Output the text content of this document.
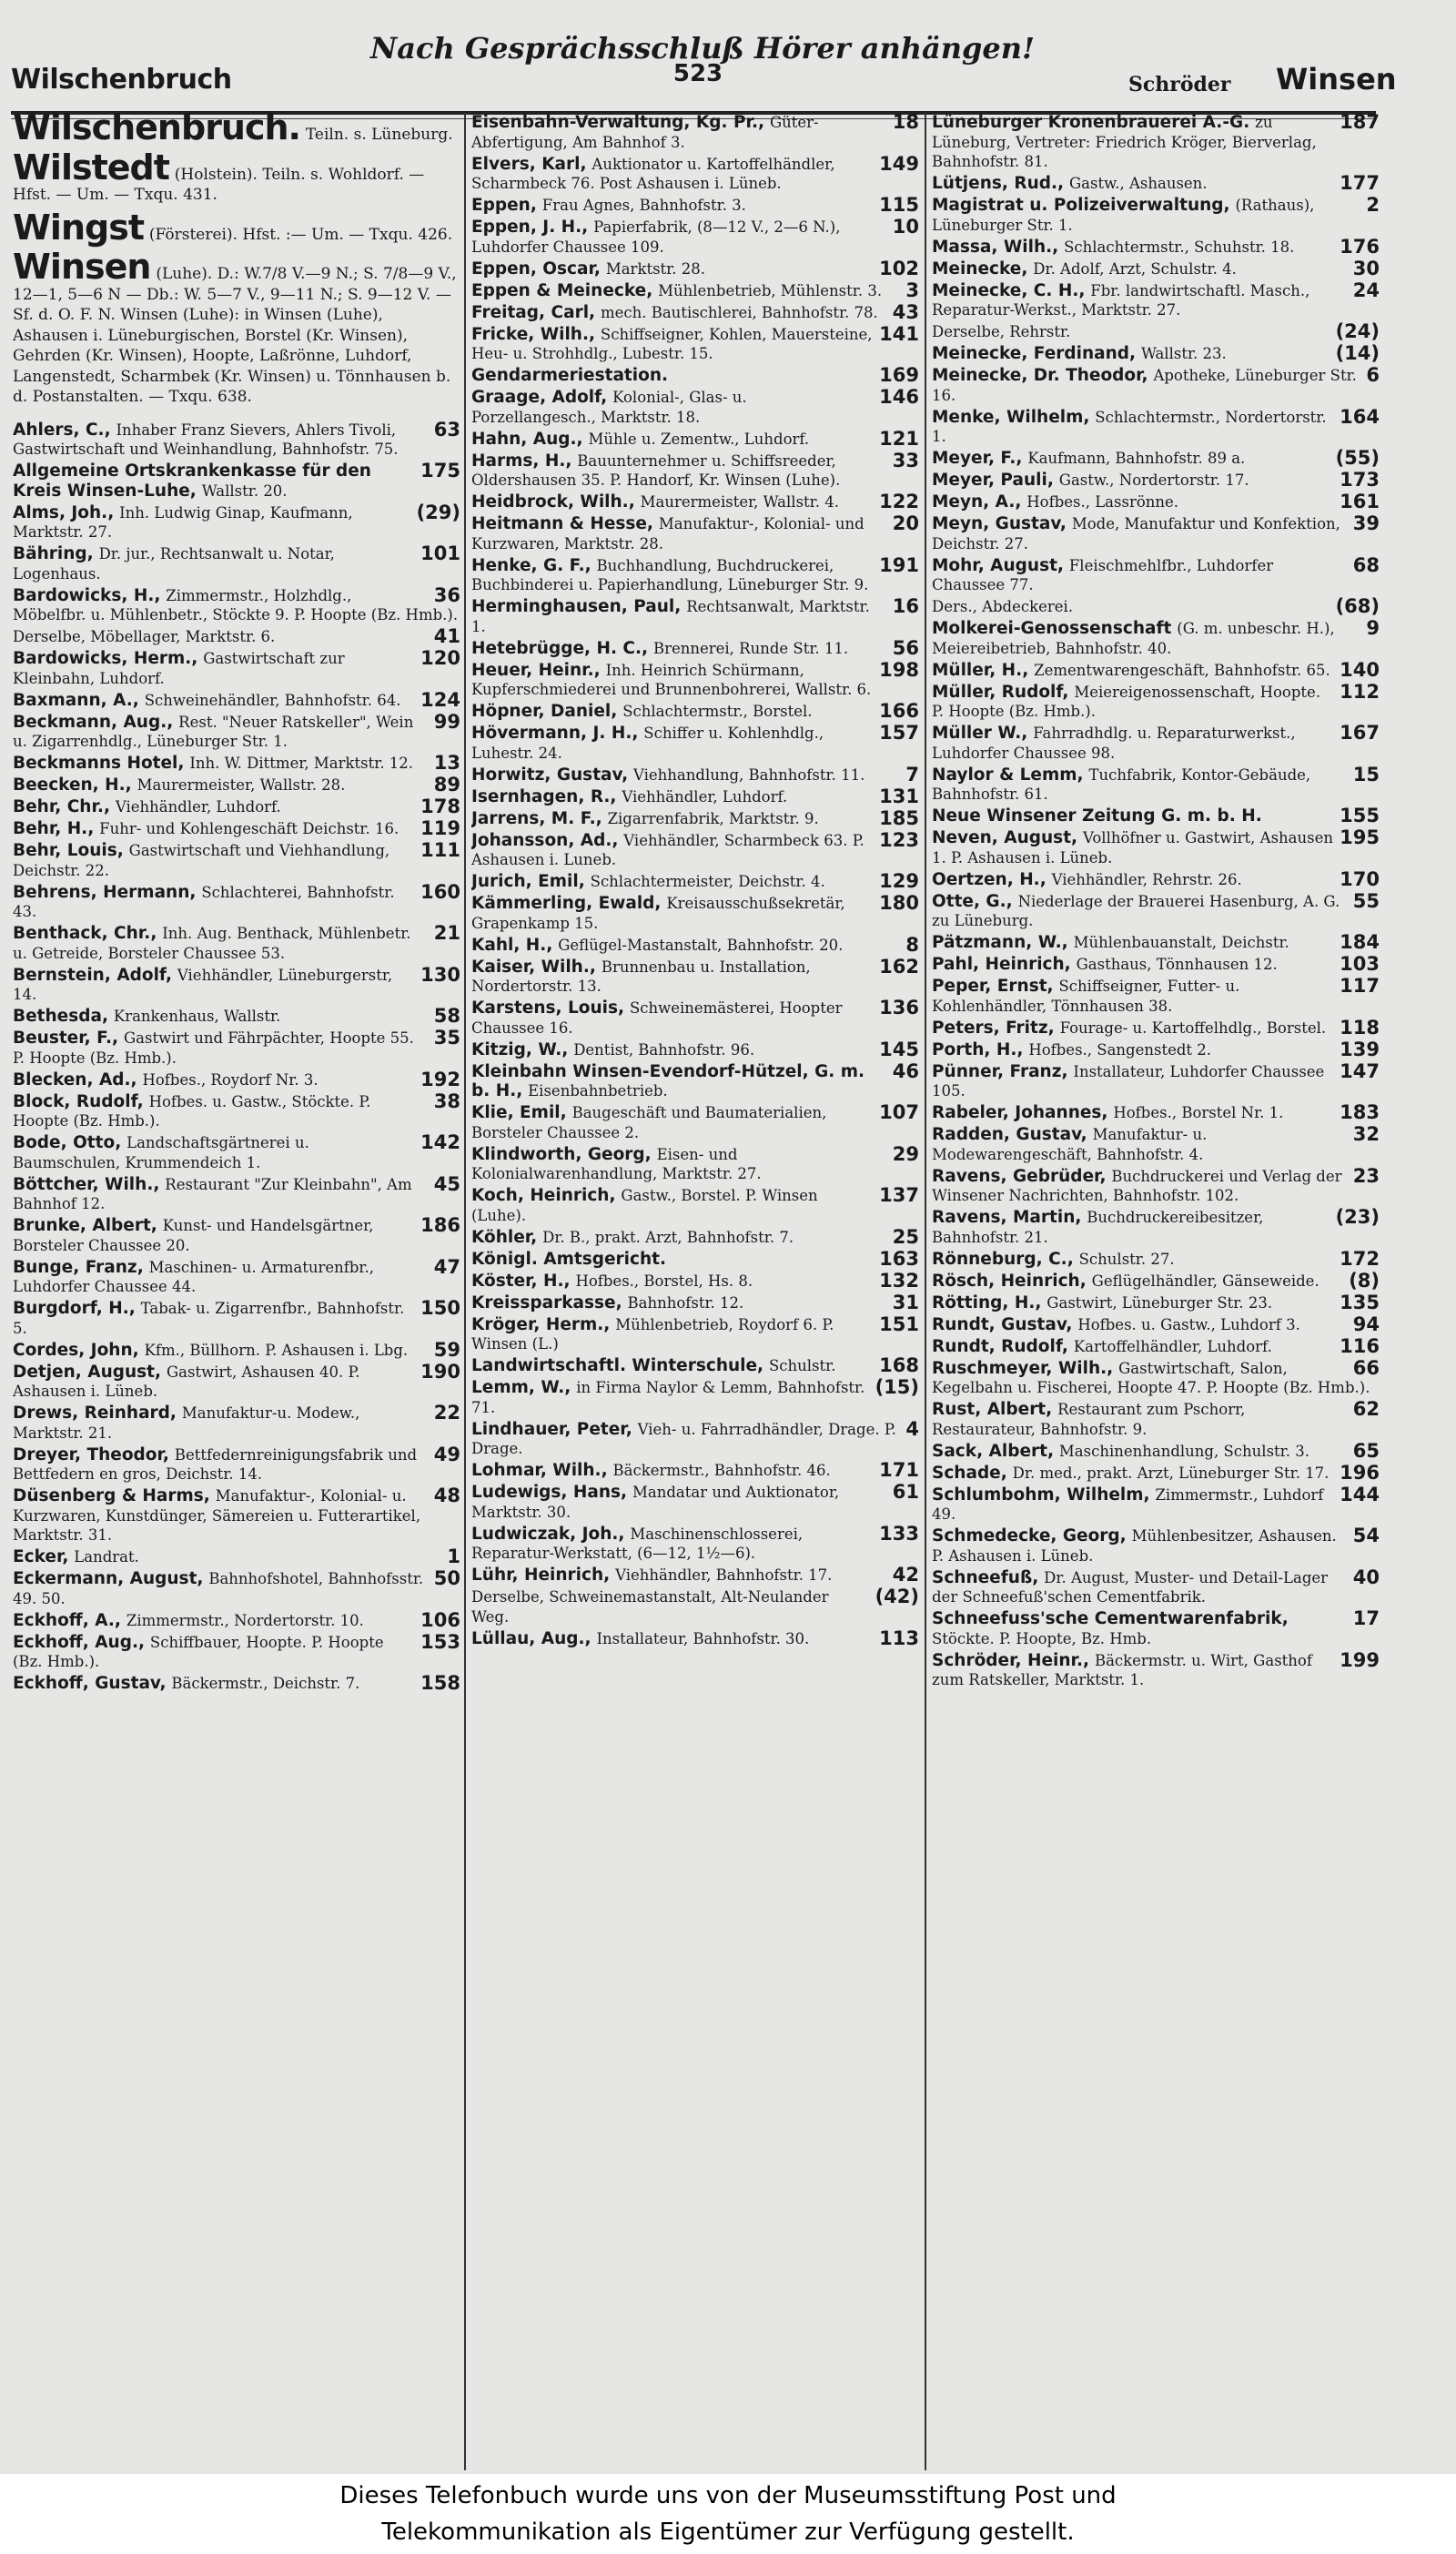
Wilschenbruch
Nach Gesprächsschluß Hörer anhängen!
523	Schröder Winsen
Wilschenbruch. Teiln. s. Lüneburg.
Wilstedt (Holstein). Teiln. s. Wohldorf. — Hfst. — Um. — Txqu. 431.
Wingst (Försterei). Hfst. :— Um. — Txqu. 426.
Winsen (Luhe). D.: W.7/8 V.—9 N.; S. 7/8—9 V., 12—1, 5—6 N — Db.: W. 5—7 V., 9—11 N.; S. 9—12 V. — Sf. d. O. F. N. Winsen (Luhe): in Winsen (Luhe), Ashausen i. Lüneburgischen, Borstel (Kr. Winsen), Gehrden (Kr. Winsen), Hoopte, Laßrönne, Luhdorf, Langenstedt, Scharmbek (Kr. Winsen) u. Tönnhausen b. d. Postanstalten. — Txqu. 638.
63
Ahlers, C., Inhaber Franz Sievers, Ahlers Tivoli, Gastwirtschaft und Weinhandlung, Bahnhofstr. 75.
175
Allgemeine Ortskrankenkasse für den Kreis Winsen-Luhe, Wallstr. 20.
(29)
Alms, Joh., Inh. Ludwig Ginap, Kaufmann, Marktstr. 27.
101
Bähring, Dr. jur., Rechtsanwalt u. Notar, Logenhaus.
36
Bardowicks, H., Zimmermstr., Holzhdlg., Möbelfbr. u. Mühlenbetr., Stöckte 9. P. Hoopte (Bz. Hmb.).
41
Derselbe, Möbellager, Marktstr. 6.
120
Bardowicks, Herm., Gastwirtschaft zur Kleinbahn, Luhdorf.
124
Baxmann, A., Schweinehändler, Bahnhofstr. 64.
99
Beckmann, Aug., Rest. "Neuer Ratskeller", Wein u. Zigarrenhdlg., Lüneburger Str. 1.
13
Beckmanns Hotel, Inh. W. Dittmer, Marktstr. 12.
89
Beecken, H., Maurermeister, Wallstr. 28.
178
Behr, Chr., Viehhändler, Luhdorf.
119
Behr, H., Fuhr- und Kohlengeschäft Deichstr. 16.
111
Behr, Louis, Gastwirtschaft und Viehhandlung, Deichstr. 22.
160
Behrens, Hermann, Schlachterei, Bahnhofstr. 43.
21
Benthack, Chr., Inh. Aug. Benthack, Mühlenbetr. u. Getreide, Borsteler Chaussee 53.
130
Bernstein, Adolf, Viehhändler, Lüneburgerstr, 14.
58
Bethesda, Krankenhaus, Wallstr.
35
Beuster, F., Gastwirt und Fährpächter, Hoopte 55. P. Hoopte (Bz. Hmb.).
192
Blecken, Ad., Hofbes., Roydorf Nr. 3.
38
Block, Rudolf, Hofbes. u. Gastw., Stöckte. P. Hoopte (Bz. Hmb.).
142
Bode, Otto, Landschaftsgärtnerei u. Baumschulen, Krummendeich 1.
45
Böttcher, Wilh., Restaurant "Zur Kleinbahn", Am Bahnhof 12.
186
Brunke, Albert, Kunst- und Handelsgärtner, Borsteler Chaussee 20.
47
Bunge, Franz, Maschinen- u. Armaturenfbr., Luhdorfer Chaussee 44.
150
Burgdorf, H., Tabak- u. Zigarrenfbr., Bahnhofstr. 5.
59
Cordes, John, Kfm., Büllhorn. P. Ashausen i. Lbg.
190
Detjen, August, Gastwirt, Ashausen 40. P. Ashausen i. Lüneb.
22
Drews, Reinhard, Manufaktur-u. Modew., Marktstr. 21.
49
Dreyer, Theodor, Bettfedernreinigungsfabrik und Bettfedern en gros, Deichstr. 14.
48
Düsenberg & Harms, Manufaktur-, Kolonial- u. Kurzwaren, Kunstdünger, Sämereien u. Futterartikel, Marktstr. 31.
1
Ecker, Landrat.
50
Eckermann, August, Bahnhofshotel, Bahnhofsstr. 49. 50.
106
Eckhoff, A., Zimmermstr., Nordertorstr. 10.
153
Eckhoff, Aug., Schiffbauer, Hoopte. P. Hoopte (Bz. Hmb.).
158
Eckhoff, Gustav, Bäckermstr., Deichstr. 7.
18
Eisenbahn-Verwaltung, Kg. Pr., Güter-Abfertigung, Am Bahnhof 3.
149
Elvers, Karl, Auktionator u. Kartoffelhändler, Scharmbeck 76. Post Ashausen i. Lüneb.
115
Eppen, Frau Agnes, Bahnhofstr. 3.
10
Eppen, J. H., Papierfabrik, (8—12 V., 2—6 N.), Luhdorfer Chaussee 109.
102
Eppen, Oscar, Marktstr. 28.
3
Eppen & Meinecke, Mühlenbetrieb, Mühlenstr. 3.
43
Freitag, Carl, mech. Bautischlerei, Bahnhofstr. 78.
141
Fricke, Wilh., Schiffseigner, Kohlen, Mauersteine, Heu- u. Strohhdlg., Lubestr. 15.
169
Gendarmeriestation.
146
Graage, Adolf, Kolonial-, Glas- u. Porzellangesch., Marktstr. 18.
121
Hahn, Aug., Mühle u. Zementw., Luhdorf.
33
Harms, H., Bauunternehmer u. Schiffsreeder, Oldershausen 35. P. Handorf, Kr. Winsen (Luhe).
122
Heidbrock, Wilh., Maurermeister, Wallstr. 4.
20
Heitmann & Hesse, Manufaktur-, Kolonial- und Kurzwaren, Marktstr. 28.
191
Henke, G. F., Buchhandlung, Buchdruckerei, Buchbinderei u. Papierhandlung, Lüneburger Str. 9.
16
Herminghausen, Paul, Rechtsanwalt, Marktstr. 1.
56
Hetebrügge, H. C., Brennerei, Runde Str. 11.
198
Heuer, Heinr., Inh. Heinrich Schürmann, Kupferschmiederei und Brunnenbohrerei, Wallstr. 6.
166
Höpner, Daniel, Schlachtermstr., Borstel.
157
Hövermann, J. H., Schiffer u. Kohlenhdlg., Luhestr. 24.
7
Horwitz, Gustav, Viehhandlung, Bahnhofstr. 11.
131
Isernhagen, R., Viehhändler, Luhdorf.
185
Jarrens, M. F., Zigarrenfabrik, Marktstr. 9.
123
Johansson, Ad., Viehhändler, Scharmbeck 63. P. Ashausen i. Luneb.
129
Jurich, Emil, Schlachtermeister, Deichstr. 4.
180
Kämmerling, Ewald, Kreisausschußsekretär, Grapenkamp 15.
8
Kahl, H., Geflügel-Mastanstalt, Bahnhofstr. 20.
162
Kaiser, Wilh., Brunnenbau u. Installation, Nordertorstr. 13.
136
Karstens, Louis, Schweinemästerei, Hoopter Chaussee 16.
145
Kitzig, W., Dentist, Bahnhofstr. 96.
46
Kleinbahn Winsen-Evendorf-Hützel, G. m. b. H., Eisenbahnbetrieb.
107
Klie, Emil, Baugeschäft und Baumaterialien, Borsteler Chaussee 2.
29
Klindworth, Georg, Eisen- und Kolonialwarenhandlung, Marktstr. 27.
137
Koch, Heinrich, Gastw., Borstel. P. Winsen (Luhe).
25
Köhler, Dr. B., prakt. Arzt, Bahnhofstr. 7.
163
Königl. Amtsgericht.
132
Köster, H., Hofbes., Borstel, Hs. 8.
31
Kreissparkasse, Bahnhofstr. 12.
151
Kröger, Herm., Mühlenbetrieb, Roydorf 6. P. Winsen (L.)
168
Landwirtschaftl. Winterschule, Schulstr.
(15)
Lemm, W., in Firma Naylor & Lemm, Bahnhofstr. 71.
4
Lindhauer, Peter, Vieh- u. Fahrradhändler, Drage. P. Drage.
171
Lohmar, Wilh., Bäckermstr., Bahnhofstr. 46.
61
Ludewigs, Hans, Mandatar und Auktionator, Marktstr. 30.
133
Ludwiczak, Joh., Maschinenschlosserei, Reparatur-Werkstatt, (6—12, 1½—6).
42
Lühr, Heinrich, Viehhändler, Bahnhofstr. 17.
(42)
Derselbe, Schweinemastanstalt, Alt-Neulander Weg.
113
Lüllau, Aug., Installateur, Bahnhofstr. 30.
187
Lüneburger Kronenbrauerei A.-G. zu Lüneburg, Vertreter: Friedrich Kröger, Bierverlag, Bahnhofstr. 81.
177
Lütjens, Rud., Gastw., Ashausen.
2
Magistrat u. Polizeiverwaltung, (Rathaus), Lüneburger Str. 1.
176
Massa, Wilh., Schlachtermstr., Schuhstr. 18.
30
Meinecke, Dr. Adolf, Arzt, Schulstr. 4.
24
Meinecke, C. H., Fbr. landwirtschaftl. Masch., Reparatur-Werkst., Marktstr. 27.
(24)
Derselbe, Rehrstr.
(14)
Meinecke, Ferdinand, Wallstr. 23.
6
Meinecke, Dr. Theodor, Apotheke, Lüneburger Str. 16.
164
Menke, Wilhelm, Schlachtermstr., Nordertorstr. 1.
(55)
Meyer, F., Kaufmann, Bahnhofstr. 89 a.
173
Meyer, Pauli, Gastw., Nordertorstr. 17.
161
Meyn, A., Hofbes., Lassrönne.
39
Meyn, Gustav, Mode, Manufaktur und Konfektion, Deichstr. 27.
68
Mohr, August, Fleischmehlfbr., Luhdorfer Chaussee 77.
(68)
Ders., Abdeckerei.
9
Molkerei-Genossenschaft (G. m. unbeschr. H.), Meiereibetrieb, Bahnhofstr. 40.
140
Müller, H., Zementwarengeschäft, Bahnhofstr. 65.
112
Müller, Rudolf, Meiereigenossenschaft, Hoopte. P. Hoopte (Bz. Hmb.).
167
Müller W., Fahrradhdlg. u. Reparaturwerkst., Luhdorfer Chaussee 98.
15
Naylor & Lemm, Tuchfabrik, Kontor-Gebäude, Bahnhofstr. 61.
155
Neue Winsener Zeitung G. m. b. H.
195
Neven, August, Vollhöfner u. Gastwirt, Ashausen 1. P. Ashausen i. Lüneb.
170
Oertzen, H., Viehhändler, Rehrstr. 26.
55
Otte, G., Niederlage der Brauerei Hasenburg, A. G. zu Lüneburg.
184
Pätzmann, W., Mühlenbauanstalt, Deichstr.
103
Pahl, Heinrich, Gasthaus, Tönnhausen 12.
117
Peper, Ernst, Schiffseigner, Futter- u. Kohlenhändler, Tönnhausen 38.
118
Peters, Fritz, Fourage- u. Kartoffelhdlg., Borstel.
139
Porth, H., Hofbes., Sangenstedt 2.
147
Pünner, Franz, Installateur, Luhdorfer Chaussee 105.
183
Rabeler, Johannes, Hofbes., Borstel Nr. 1.
32
Radden, Gustav, Manufaktur- u. Modewarengeschäft, Bahnhofstr. 4.
23
Ravens, Gebrüder, Buchdruckerei und Verlag der Winsener Nachrichten, Bahnhofstr. 102.
(23)
Ravens, Martin, Buchdruckereibesitzer, Bahnhofstr. 21.
172
Rönneburg, C., Schulstr. 27.
(8)
Rösch, Heinrich, Geflügelhändler, Gänseweide.
135
Rötting, H., Gastwirt, Lüneburger Str. 23.
94
Rundt, Gustav, Hofbes. u. Gastw., Luhdorf 3.
116
Rundt, Rudolf, Kartoffelhändler, Luhdorf.
66
Ruschmeyer, Wilh., Gastwirtschaft, Salon, Kegelbahn u. Fischerei, Hoopte 47. P. Hoopte (Bz. Hmb.).
62
Rust, Albert, Restaurant zum Pschorr, Restaurateur, Bahnhofstr. 9.
65
Sack, Albert, Maschinenhandlung, Schulstr. 3.
196
Schade, Dr. med., prakt. Arzt, Lüneburger Str. 17.
144
Schlumbohm, Wilhelm, Zimmermstr., Luhdorf 49.
54
Schmedecke, Georg, Mühlenbesitzer, Ashausen. P. Ashausen i. Lüneb.
40
Schneefuß, Dr. August, Muster- und Detail-Lager der Schneefuß'schen Cementfabrik.
17
Schneefuss'sche Cementwarenfabrik, Stöckte. P. Hoopte, Bz. Hmb.
199
Schröder, Heinr., Bäckermstr. u. Wirt, Gasthof zum Ratskeller, Marktstr. 1.
Dieses Telefonbuch wurde uns von der Museumsstiftung Post und
Telekommunikation als Eigentümer zur Verfügung gestellt.
